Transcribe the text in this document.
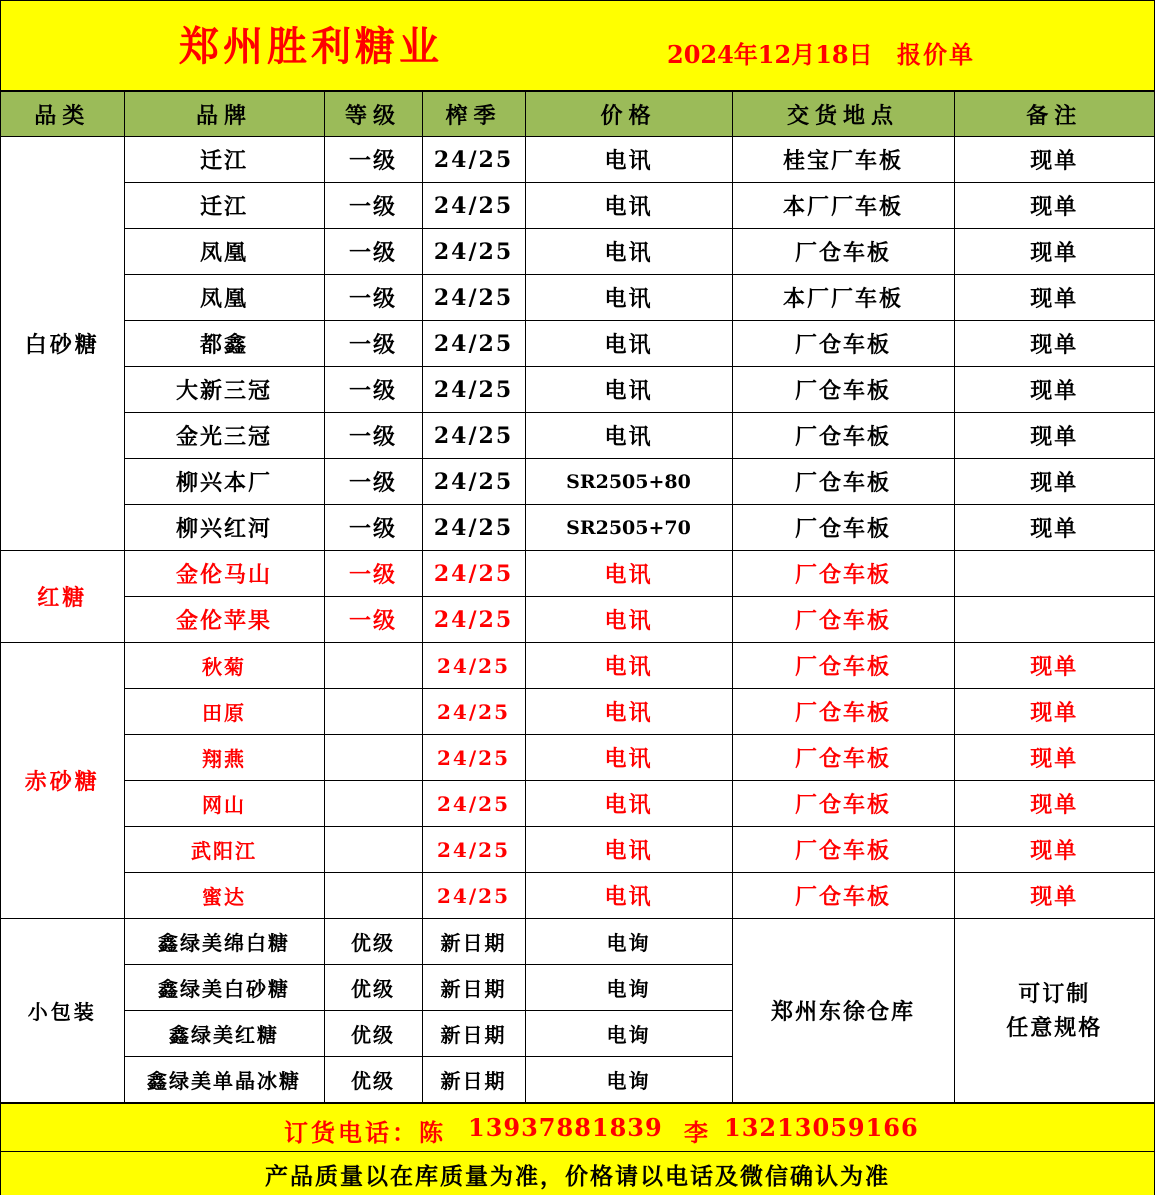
郑州胜利糖业	2024年12月18日 报价单
品类	品牌	等级	榨季	价格	交货地点	备注
白砂糖	迁江	一级	24/25	电讯	桂宝厂车板	现单
	迁江	一级	24/25	电讯	本厂厂车板	现单
	凤凰	一级	24/25	电讯	厂仓车板	现单
	凤凰	一级	24/25	电讯	本厂厂车板	现单
	都鑫	一级	24/25	电讯	厂仓车板	现单
	大新三冠	一级	24/25	电讯	厂仓车板	现单
	金光三冠	一级	24/25	电讯	厂仓车板	现单
	柳兴本厂	一级	24/25	SR2505+80	厂仓车板	现单
	柳兴红河	一级	24/25	SR2505+70	厂仓车板	现单
红糖	金伦马山	一级	24/25	电讯	厂仓车板	
	金伦苹果	一级	24/25	电讯	厂仓车板	
赤砂糖	秋菊		24/25	电讯	厂仓车板	现单
	田原		24/25	电讯	厂仓车板	现单
	翔燕		24/25	电讯	厂仓车板	现单
	网山		24/25	电讯	厂仓车板	现单
	武阳江		24/25	电讯	厂仓车板	现单
	蜜达		24/25	电讯	厂仓车板	现单
小包装	鑫绿美绵白糖	优级	新日期	电询	郑州东徐仓库	可订制
任意规格

	鑫绿美白砂糖	优级	新日期	电询		
	鑫绿美红糖	优级	新日期	电询		
	鑫绿美单晶冰糖	优级	新日期	电询		
订货电话：陈 13937881839 李 13213059166
产品质量以在库质量为准，价格请以电话及微信确认为准
